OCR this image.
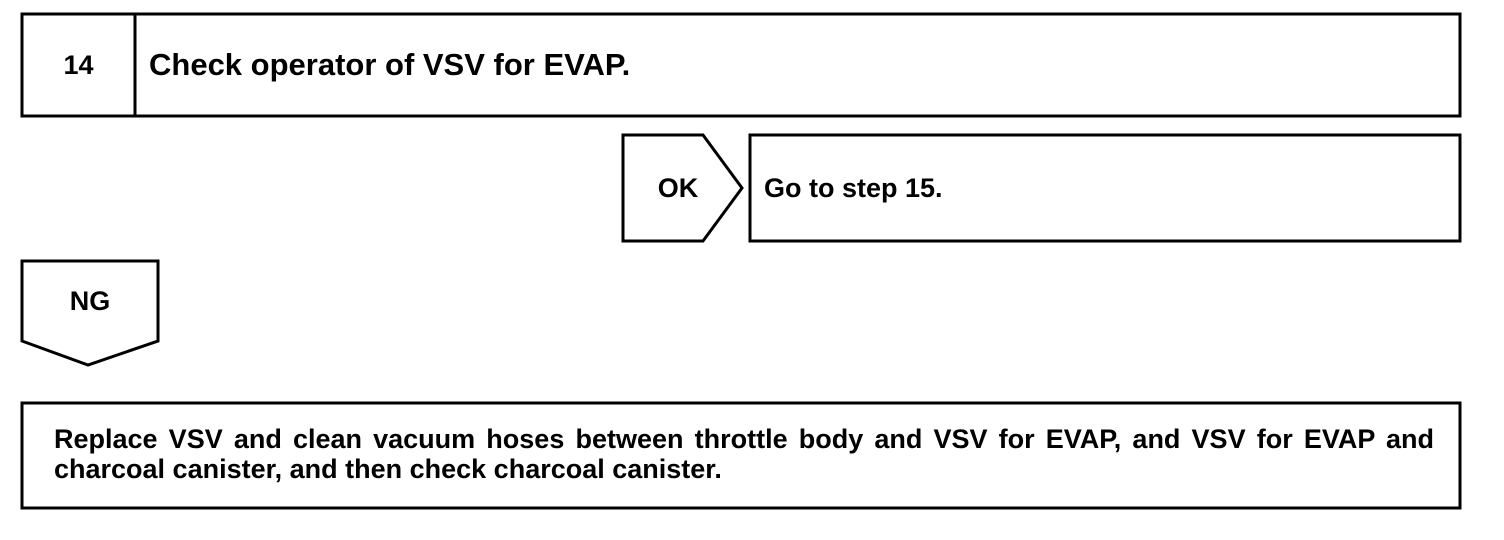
14	Check operator of VSV for EVAP.
OK	Go to step 15.
NG
Replace VSV and clean vacuum hoses between throttle body and VSV for EVAP, and VSV for EVAP and charcoal canister, and then check charcoal canister.
